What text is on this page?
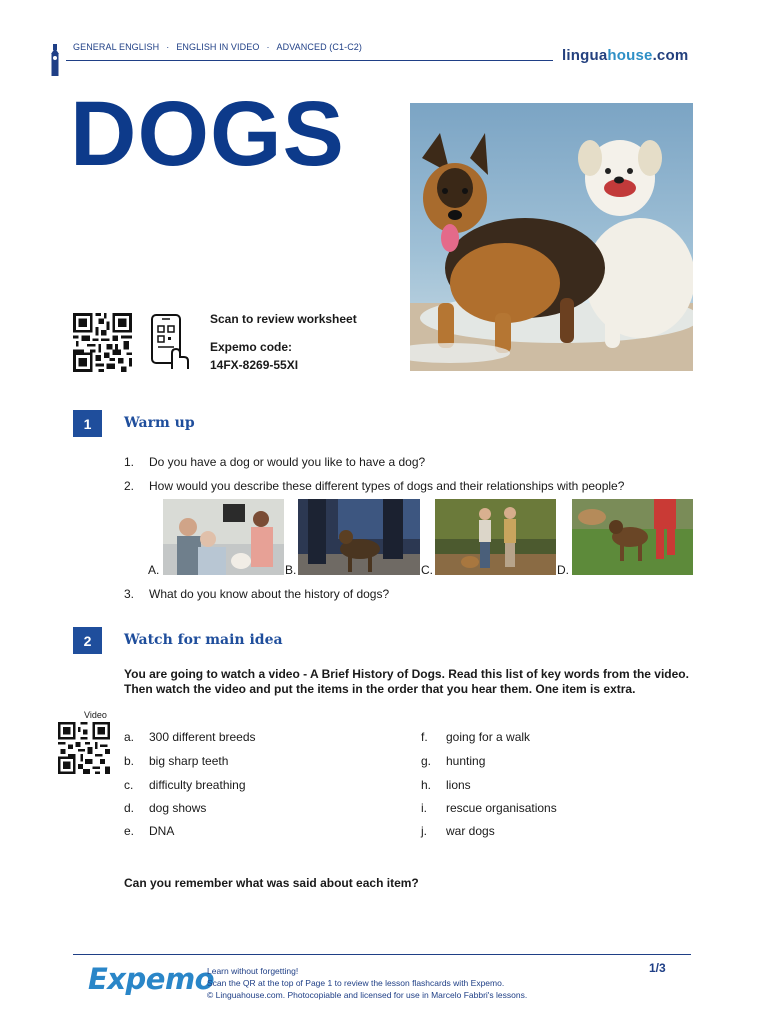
GENERAL ENGLISH · ENGLISH IN VIDEO · ADVANCED (C1-C2)	linguahouse.com
DOGS
Scan to review worksheet
Expemo code:
14FX-8269-55XI
1	Warm up
1. Do you have a dog or would you like to have a dog?
2. How would you describe these different types of dogs and their relationships with people?
A.	B.	C.	D.
3. What do you know about the history of dogs?
2	Watch for main idea
You are going to watch a video - A Brief History of Dogs. Read this list of key words from the video. Then watch the video and put the items in the order that you hear them. One item is extra.
Video
a. 300 different breeds
b. big sharp teeth
c. difficulty breathing
d. dog shows
e. DNA
f. going for a walk
g. hunting
h. lions
i. rescue organisations
j. war dogs
Can you remember what was said about each item?
Expemo
Learn without forgetting!
Scan the QR at the top of Page 1 to review the lesson flashcards with Expemo.
© Linguahouse.com. Photocopiable and licensed for use in Marcelo Fabbri's lessons.
1/3
